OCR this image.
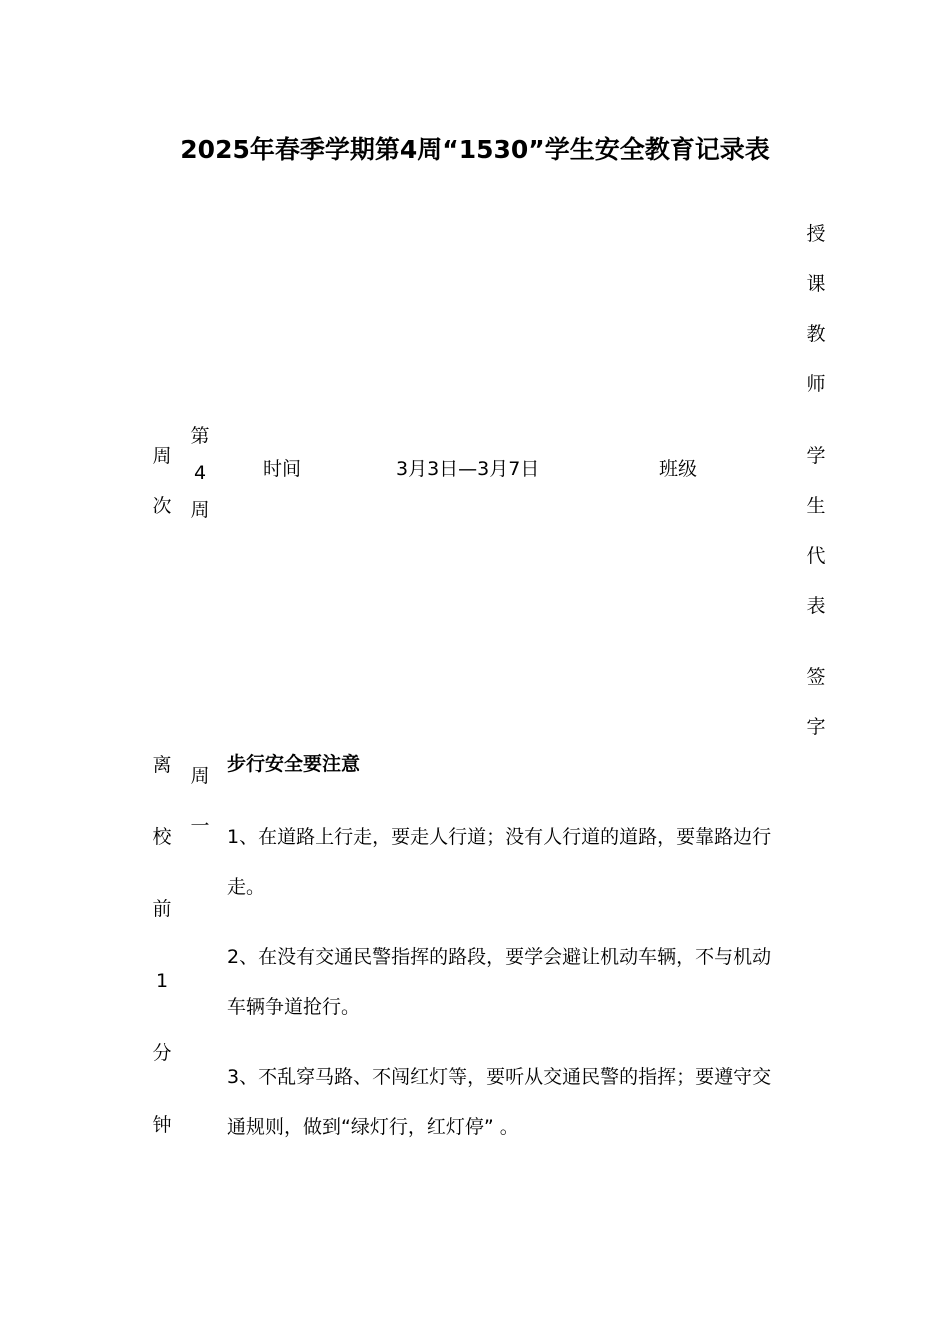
2025年春季学期第4周“1530”学生安全教育记录表
周
次
第
4
周
时间	3月3日—3月7日	班级
授
课
教
师
学
生
代
表
签
字
离
校
前
1
分
钟
周
一
步行安全要注意

1、在道路上行走，要走人行道；没有人行道的道路，要靠路边行走。

2、在没有交通民警指挥的路段，要学会避让机动车辆，不与机动车辆争道抢行。

3、不乱穿马路、不闯红灯等，要听从交通民警的指挥；要遵守交通规则，做到“绿灯行，红灯停” 。
